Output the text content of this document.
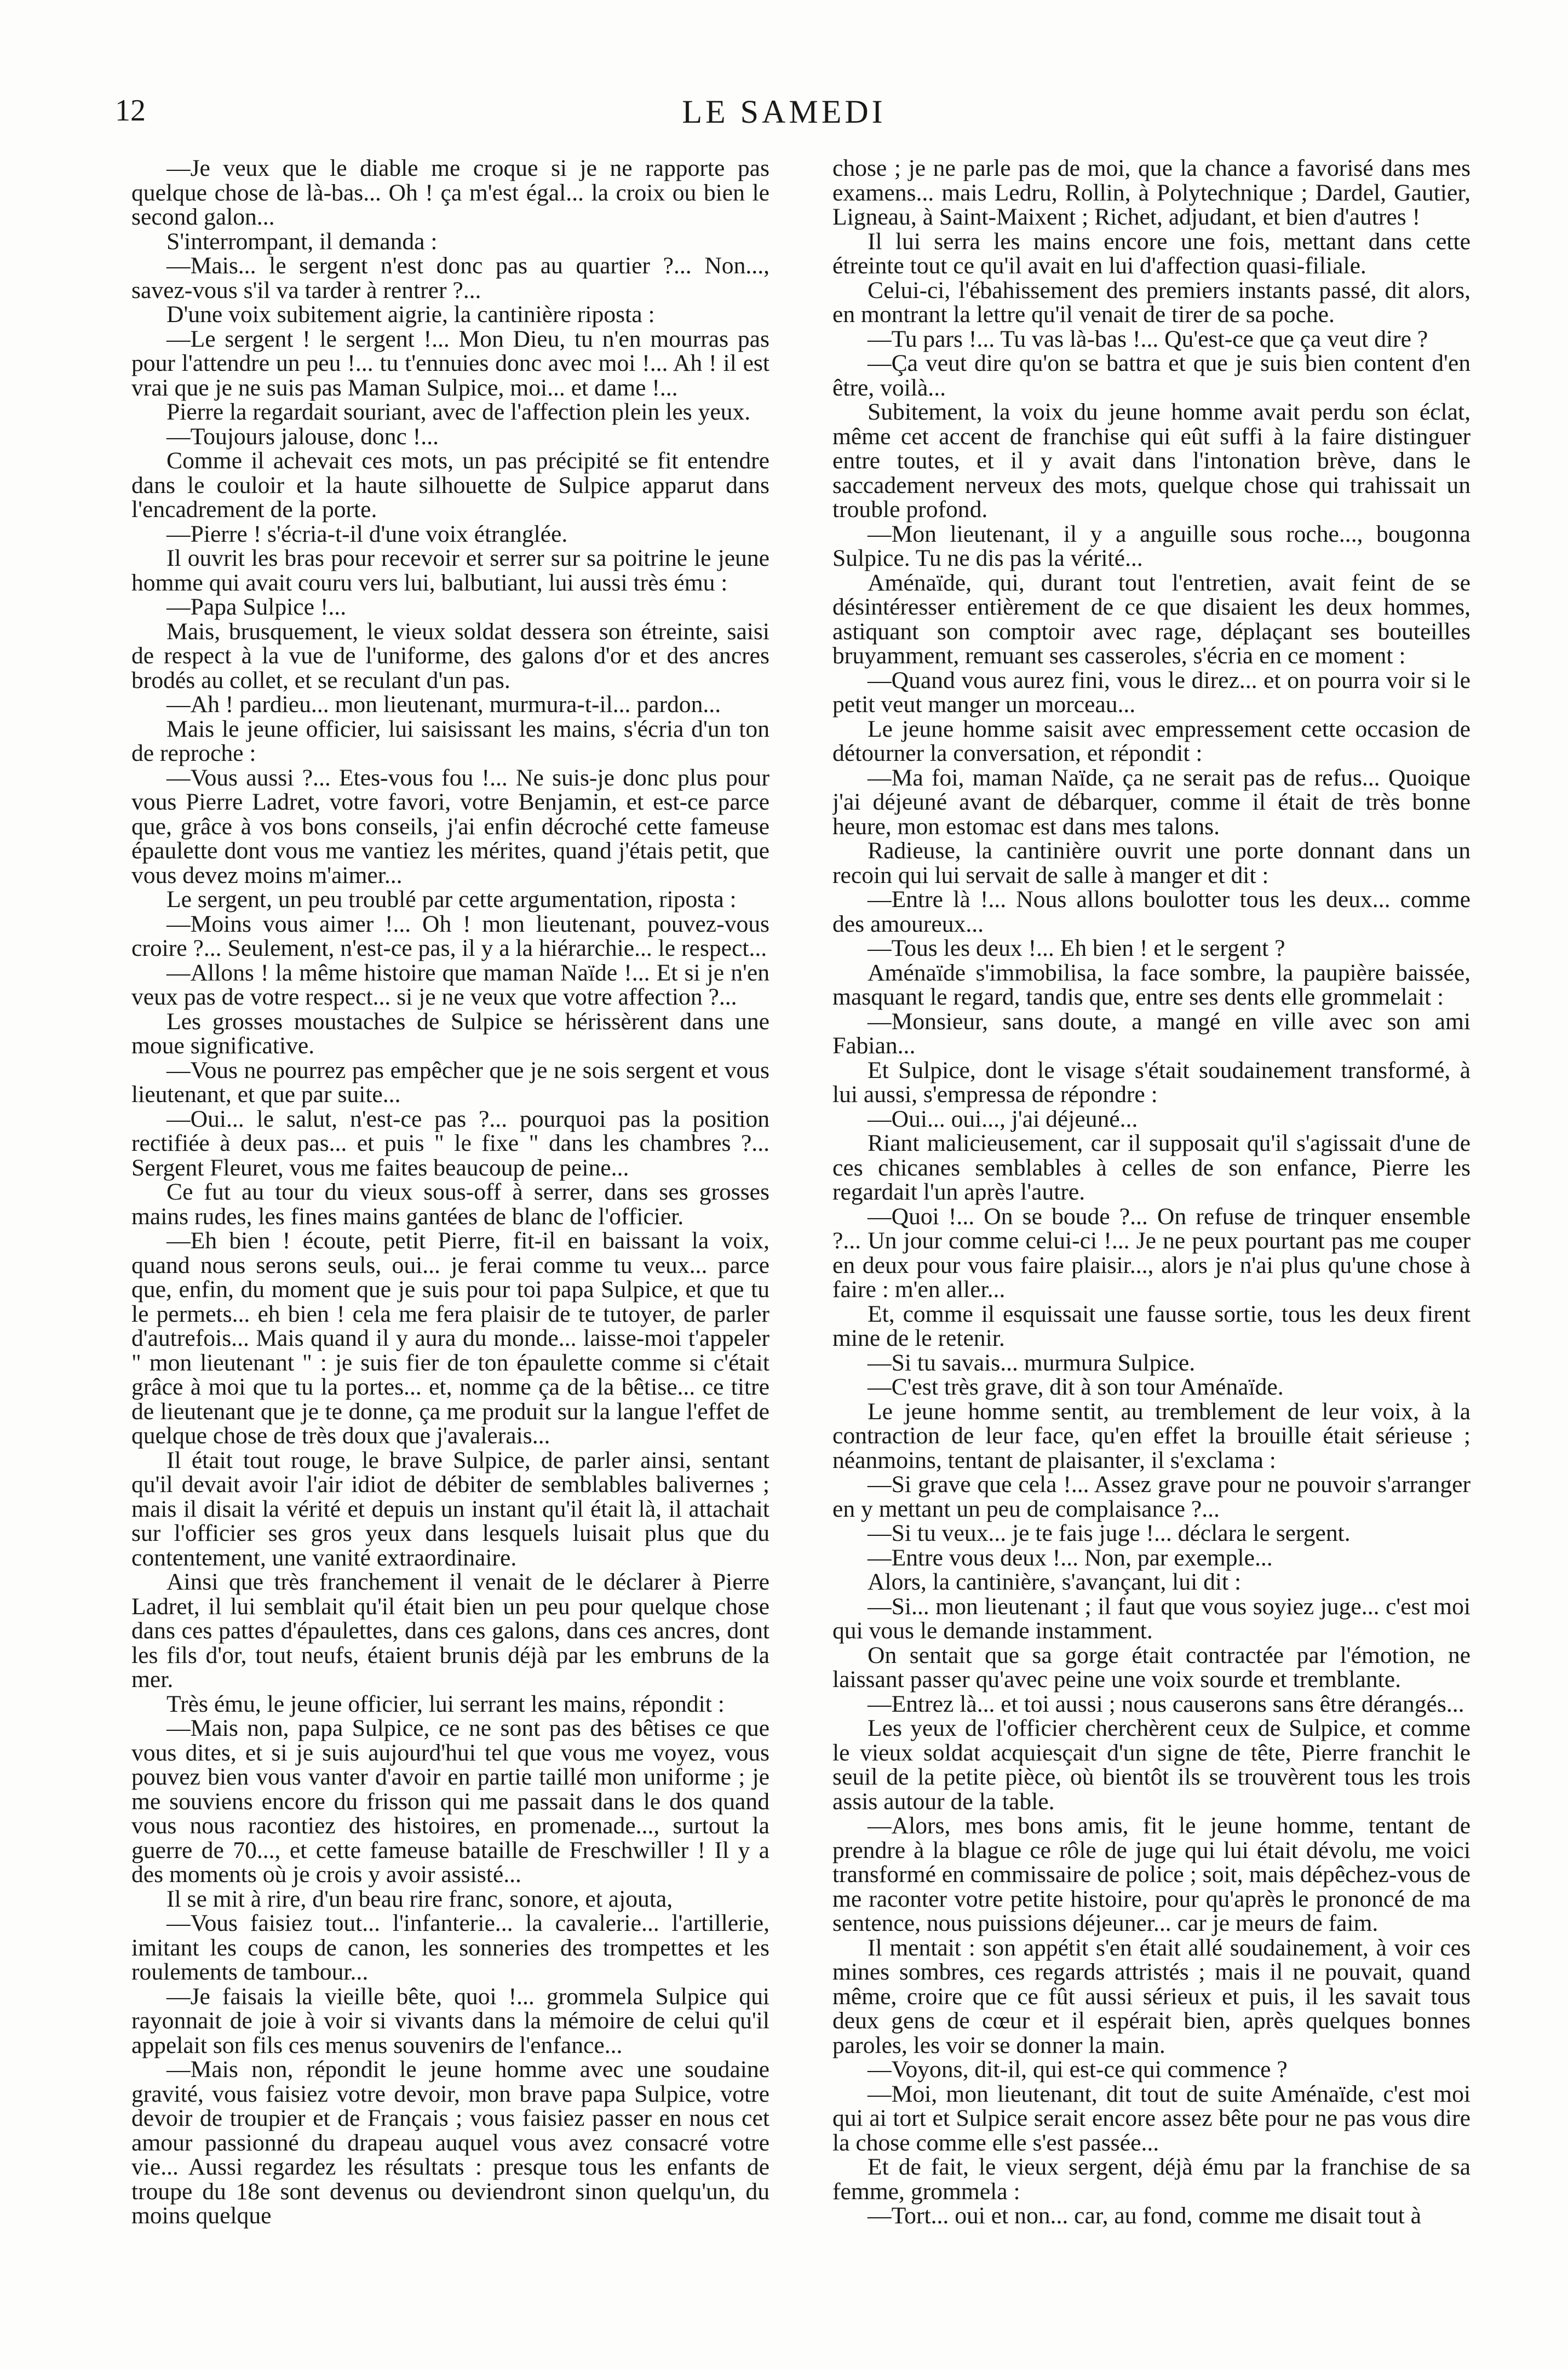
12	LE SAMEDI

—Je veux que le diable me croque si je ne rapporte pas quelque chose de là-bas... Oh ! ça m'est égal... la croix ou bien le second galon...

S'interrompant, il demanda :

—Mais... le sergent n'est donc pas au quartier ?... Non..., savez-vous s'il va tarder à rentrer ?...

D'une voix subitement aigrie, la cantinière riposta :

—Le sergent ! le sergent !... Mon Dieu, tu n'en mourras pas pour l'attendre un peu !... tu t'ennuies donc avec moi !... Ah ! il est vrai que je ne suis pas Maman Sulpice, moi... et dame !...

Pierre la regardait souriant, avec de l'affection plein les yeux.

—Toujours jalouse, donc !...

Comme il achevait ces mots, un pas précipité se fit entendre dans le couloir et la haute silhouette de Sulpice apparut dans l'encadrement de la porte.

—Pierre ! s'écria-t-il d'une voix étranglée.

Il ouvrit les bras pour recevoir et serrer sur sa poitrine le jeune homme qui avait couru vers lui, balbutiant, lui aussi très ému :

—Papa Sulpice !...

Mais, brusquement, le vieux soldat dessera son étreinte, saisi de respect à la vue de l'uniforme, des galons d'or et des ancres brodés au collet, et se reculant d'un pas.

—Ah ! pardieu... mon lieutenant, murmura-t-il... pardon...

Mais le jeune officier, lui saisissant les mains, s'écria d'un ton de reproche :

—Vous aussi ?... Etes-vous fou !... Ne suis-je donc plus pour vous Pierre Ladret, votre favori, votre Benjamin, et est-ce parce que, grâce à vos bons conseils, j'ai enfin décroché cette fameuse épaulette dont vous me vantiez les mérites, quand j'étais petit, que vous devez moins m'aimer...

Le sergent, un peu troublé par cette argumentation, riposta :

—Moins vous aimer !... Oh ! mon lieutenant, pouvez-vous croire ?... Seulement, n'est-ce pas, il y a la hiérarchie... le respect...

—Allons ! la même histoire que maman Naïde !... Et si je n'en veux pas de votre respect... si je ne veux que votre affection ?...

Les grosses moustaches de Sulpice se hérissèrent dans une moue significative.

—Vous ne pourrez pas empêcher que je ne sois sergent et vous lieutenant, et que par suite...

—Oui... le salut, n'est-ce pas ?... pourquoi pas la position rectifiée à deux pas... et puis " le fixe " dans les chambres ?... Sergent Fleuret, vous me faites beaucoup de peine...

Ce fut au tour du vieux sous-off à serrer, dans ses grosses mains rudes, les fines mains gantées de blanc de l'officier.

—Eh bien ! écoute, petit Pierre, fit-il en baissant la voix, quand nous serons seuls, oui... je ferai comme tu veux... parce que, enfin, du moment que je suis pour toi papa Sulpice, et que tu le permets... eh bien ! cela me fera plaisir de te tutoyer, de parler d'autrefois... Mais quand il y aura du monde... laisse-moi t'appeler " mon lieutenant " : je suis fier de ton épaulette comme si c'était grâce à moi que tu la portes... et, nomme ça de la bêtise... ce titre de lieutenant que je te donne, ça me produit sur la langue l'effet de quelque chose de très doux que j'avalerais...

Il était tout rouge, le brave Sulpice, de parler ainsi, sentant qu'il devait avoir l'air idiot de débiter de semblables balivernes ; mais il disait la vérité et depuis un instant qu'il était là, il attachait sur l'officier ses gros yeux dans lesquels luisait plus que du contentement, une vanité extraordinaire.

Ainsi que très franchement il venait de le déclarer à Pierre Ladret, il lui semblait qu'il était bien un peu pour quelque chose dans ces pattes d'épaulettes, dans ces galons, dans ces ancres, dont les fils d'or, tout neufs, étaient brunis déjà par les embruns de la mer.

Très ému, le jeune officier, lui serrant les mains, répondit :

—Mais non, papa Sulpice, ce ne sont pas des bêtises ce que vous dites, et si je suis aujourd'hui tel que vous me voyez, vous pouvez bien vous vanter d'avoir en partie taillé mon uniforme ; je me souviens encore du frisson qui me passait dans le dos quand vous nous racontiez des histoires, en promenade..., surtout la guerre de 70..., et cette fameuse bataille de Freschwiller ! Il y a des moments où je crois y avoir assisté...

Il se mit à rire, d'un beau rire franc, sonore, et ajouta,

—Vous faisiez tout... l'infanterie... la cavalerie... l'artillerie, imitant les coups de canon, les sonneries des trompettes et les roulements de tambour...

—Je faisais la vieille bête, quoi !... grommela Sulpice qui rayonnait de joie à voir si vivants dans la mémoire de celui qu'il appelait son fils ces menus souvenirs de l'enfance...

—Mais non, répondit le jeune homme avec une soudaine gravité, vous faisiez votre devoir, mon brave papa Sulpice, votre devoir de troupier et de Français ; vous faisiez passer en nous cet amour passionné du drapeau auquel vous avez consacré votre vie... Aussi regardez les résultats : presque tous les enfants de troupe du 18e sont devenus ou deviendront sinon quelqu'un, du moins quelque

chose ; je ne parle pas de moi, que la chance a favorisé dans mes examens... mais Ledru, Rollin, à Polytechnique ; Dardel, Gautier, Ligneau, à Saint-Maixent ; Richet, adjudant, et bien d'autres !

Il lui serra les mains encore une fois, mettant dans cette étreinte tout ce qu'il avait en lui d'affection quasi-filiale.

Celui-ci, l'ébahissement des premiers instants passé, dit alors, en montrant la lettre qu'il venait de tirer de sa poche.

—Tu pars !... Tu vas là-bas !... Qu'est-ce que ça veut dire ?

—Ça veut dire qu'on se battra et que je suis bien content d'en être, voilà...

Subitement, la voix du jeune homme avait perdu son éclat, même cet accent de franchise qui eût suffi à la faire distinguer entre toutes, et il y avait dans l'intonation brève, dans le saccadement nerveux des mots, quelque chose qui trahissait un trouble profond.

—Mon lieutenant, il y a anguille sous roche..., bougonna Sulpice. Tu ne dis pas la vérité...

Aménaïde, qui, durant tout l'entretien, avait feint de se désintéresser entièrement de ce que disaient les deux hommes, astiquant son comptoir avec rage, déplaçant ses bouteilles bruyamment, remuant ses casseroles, s'écria en ce moment :

—Quand vous aurez fini, vous le direz... et on pourra voir si le petit veut manger un morceau...

Le jeune homme saisit avec empressement cette occasion de détourner la conversation, et répondit :

—Ma foi, maman Naïde, ça ne serait pas de refus... Quoique j'ai déjeuné avant de débarquer, comme il était de très bonne heure, mon estomac est dans mes talons.

Radieuse, la cantinière ouvrit une porte donnant dans un recoin qui lui servait de salle à manger et dit :

—Entre là !... Nous allons boulotter tous les deux... comme des amoureux...

—Tous les deux !... Eh bien ! et le sergent ?

Aménaïde s'immobilisa, la face sombre, la paupière baissée, masquant le regard, tandis que, entre ses dents elle grommelait :

—Monsieur, sans doute, a mangé en ville avec son ami Fabian...

Et Sulpice, dont le visage s'était soudainement transformé, à lui aussi, s'empressa de répondre :

—Oui... oui..., j'ai déjeuné...

Riant malicieusement, car il supposait qu'il s'agissait d'une de ces chicanes semblables à celles de son enfance, Pierre les regardait l'un après l'autre.

—Quoi !... On se boude ?... On refuse de trinquer ensemble ?... Un jour comme celui-ci !... Je ne peux pourtant pas me couper en deux pour vous faire plaisir..., alors je n'ai plus qu'une chose à faire : m'en aller...

Et, comme il esquissait une fausse sortie, tous les deux firent mine de le retenir.

—Si tu savais... murmura Sulpice.

—C'est très grave, dit à son tour Aménaïde.

Le jeune homme sentit, au tremblement de leur voix, à la contraction de leur face, qu'en effet la brouille était sérieuse ; néanmoins, tentant de plaisanter, il s'exclama :

—Si grave que cela !... Assez grave pour ne pouvoir s'arranger en y mettant un peu de complaisance ?...

—Si tu veux... je te fais juge !... déclara le sergent.

—Entre vous deux !... Non, par exemple...

Alors, la cantinière, s'avançant, lui dit :

—Si... mon lieutenant ; il faut que vous soyiez juge... c'est moi qui vous le demande instamment.

On sentait que sa gorge était contractée par l'émotion, ne laissant passer qu'avec peine une voix sourde et tremblante.

—Entrez là... et toi aussi ; nous causerons sans être dérangés...

Les yeux de l'officier cherchèrent ceux de Sulpice, et comme le vieux soldat acquiesçait d'un signe de tête, Pierre franchit le seuil de la petite pièce, où bientôt ils se trouvèrent tous les trois assis autour de la table.

—Alors, mes bons amis, fit le jeune homme, tentant de prendre à la blague ce rôle de juge qui lui était dévolu, me voici transformé en commissaire de police ; soit, mais dépêchez-vous de me raconter votre petite histoire, pour qu'après le prononcé de ma sentence, nous puissions déjeuner... car je meurs de faim.

Il mentait : son appétit s'en était allé soudainement, à voir ces mines sombres, ces regards attristés ; mais il ne pouvait, quand même, croire que ce fût aussi sérieux et puis, il les savait tous deux gens de cœur et il espérait bien, après quelques bonnes paroles, les voir se donner la main.

—Voyons, dit-il, qui est-ce qui commence ?

—Moi, mon lieutenant, dit tout de suite Aménaïde, c'est moi qui ai tort et Sulpice serait encore assez bête pour ne pas vous dire la chose comme elle s'est passée...

Et de fait, le vieux sergent, déjà ému par la franchise de sa femme, grommela :

—Tort... oui et non... car, au fond, comme me disait tout à
